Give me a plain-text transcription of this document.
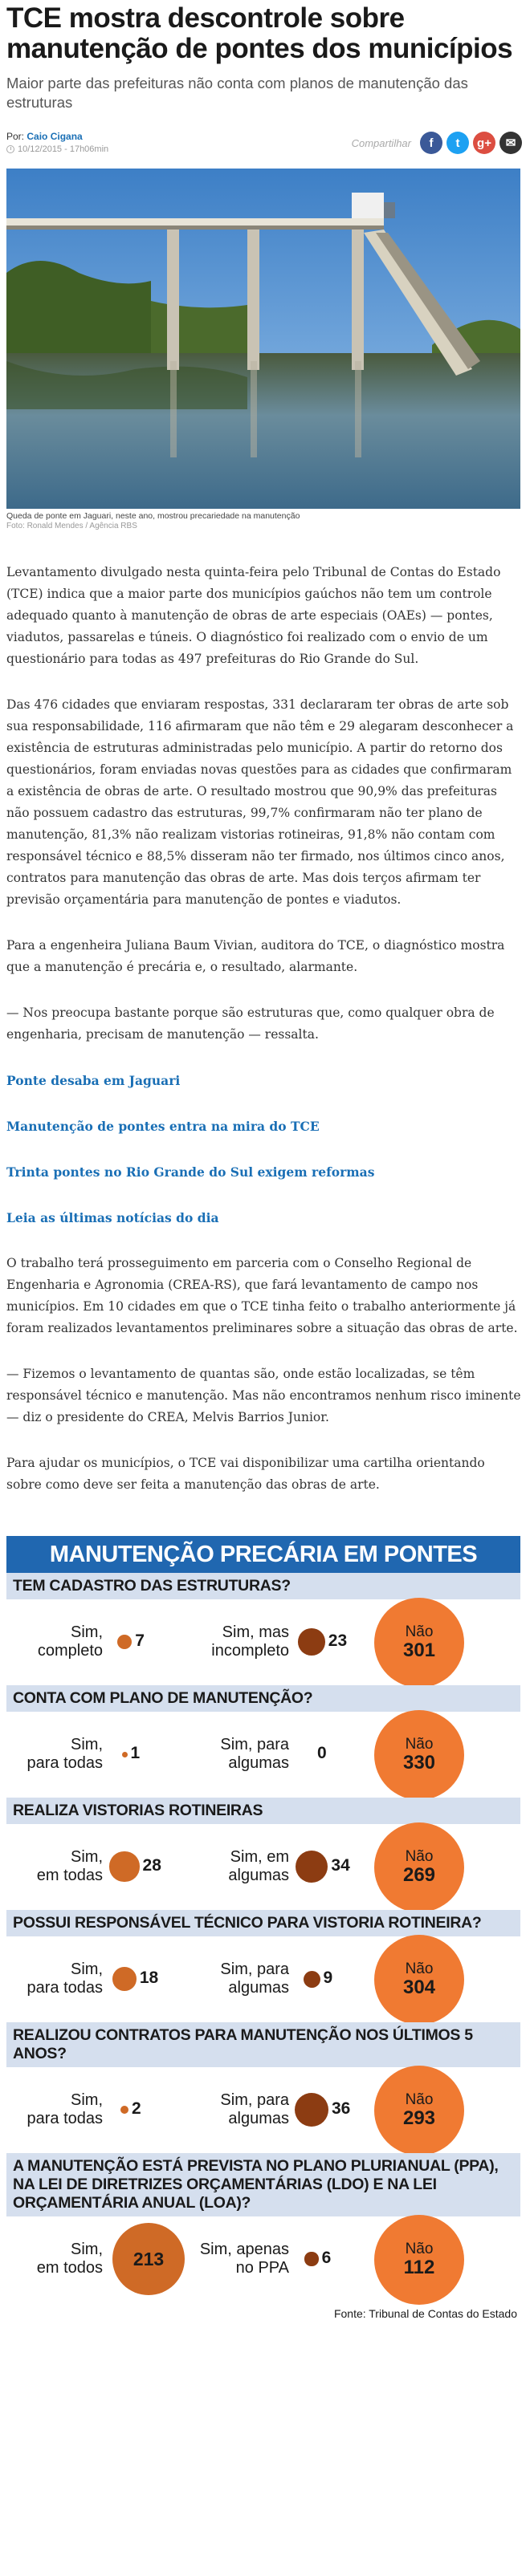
TCE mostra descontrole sobre manutenção de pontes dos municípios
Maior parte das prefeituras não conta com planos de manutenção das estruturas
Por: Caio Cigana
10/12/2015 - 17h06min
Compartilhar	f	t	g+	✉
Queda de ponte em Jaguari, neste ano, mostrou precariedade na manutenção
Foto: Ronald Mendes / Agência RBS

Levantamento divulgado nesta quinta-feira pelo Tribunal de Contas do Estado (TCE) indica que a maior parte dos municípios gaúchos não tem um controle adequado quanto à manutenção de obras de arte especiais (OAEs) — pontes, viadutos, passarelas e túneis. O diagnóstico foi realizado com o envio de um questionário para todas as 497 prefeituras do Rio Grande do Sul.

Das 476 cidades que enviaram respostas, 331 declararam ter obras de arte sob sua responsabilidade, 116 afirmaram que não têm e 29 alegaram desconhecer a existência de estruturas administradas pelo município. A partir do retorno dos questionários, foram enviadas novas questões para as cidades que confirmaram a existência de obras de arte. O resultado mostrou que 90,9% das prefeituras não possuem cadastro das estruturas, 99,7% confirmaram não ter plano de manutenção, 81,3% não realizam vistorias rotineiras, 91,8% não contam com responsável técnico e 88,5% disseram não ter firmado, nos últimos cinco anos, contratos para manutenção das obras de arte. Mas dois terços afirmam ter previsão orçamentária para manutenção de pontes e viadutos.

Para a engenheira Juliana Baum Vivian, auditora do TCE, o diagnóstico mostra que a manutenção é precária e, o resultado, alarmante.

— Nos preocupa bastante porque são estruturas que, como qualquer obra de engenharia, precisam de manutenção — ressalta.

Ponte desaba em Jaguari
Manutenção de pontes entra na mira do TCE
Trinta pontes no Rio Grande do Sul exigem reformas
Leia as últimas notícias do dia

O trabalho terá prosseguimento em parceria com o Conselho Regional de Engenharia e Agronomia (CREA-RS), que fará levantamento de campo nos municípios. Em 10 cidades em que o TCE tinha feito o trabalho anteriormente já foram realizados levantamentos preliminares sobre a situação das obras de arte.

— Fizemos o levantamento de quantas são, onde estão localizadas, se têm responsável técnico e manutenção. Mas não encontramos nenhum risco iminente — diz o presidente do CREA, Melvis Barrios Junior.

Para ajudar os municípios, o TCE vai disponibilizar uma cartilha orientando sobre como deve ser feita a manutenção das obras de arte.

MANUTENÇÃO PRECÁRIA EM PONTES
TEM CADASTRO DAS ESTRUTURAS?
Sim,
completo
7	Sim, mas
incompleto
23	Não
301
CONTA COM PLANO DE MANUTENÇÃO?
Sim,
para todas
1	Sim, para
algumas
0	Não
330
REALIZA VISTORIAS ROTINEIRAS
Sim,
em todas
28	Sim, em
algumas
34	Não
269
POSSUI RESPONSÁVEL TÉCNICO PARA VISTORIA ROTINEIRA?
Sim,
para todas
18	Sim, para
algumas
9	Não
304
REALIZOU CONTRATOS PARA MANUTENÇÃO NOS ÚLTIMOS 5 ANOS?
Sim,
para todas
2	Sim, para
algumas
36	Não
293
A MANUTENÇÃO ESTÁ PREVISTA NO PLANO PLURIANUAL (PPA), NA LEI DE DIRETRIZES ORÇAMENTÁRIAS (LDO) E NA LEI ORÇAMENTÁRIA ANUAL (LOA)?
Sim,
em todos	213	Sim, apenas
no PPA
6	Não
112
Fonte: Tribunal de Contas do Estado
